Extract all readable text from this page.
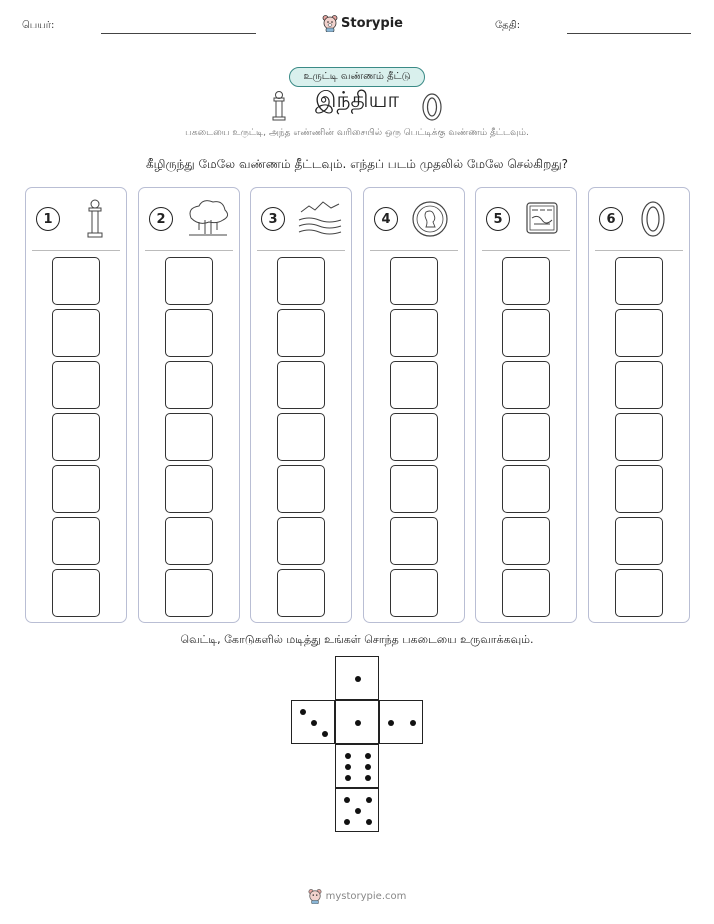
பெயர்:	Storypie	தேதி:
உருட்டி வண்ணம் தீட்டு
இந்தியா
பகடையை உருட்டி, அந்த எண்ணின் வரிசையில் ஒரு பெட்டிக்கு வண்ணம் தீட்டவும்.
கீழிருந்து மேலே வண்ணம் தீட்டவும். எந்தப் படம் முதலில் மேலே செல்கிறது?
1	2	3	4	5	6
வெட்டி, கோடுகளில் மடித்து உங்கள் சொந்த பகடையை உருவாக்கவும்.
mystorypie.com
